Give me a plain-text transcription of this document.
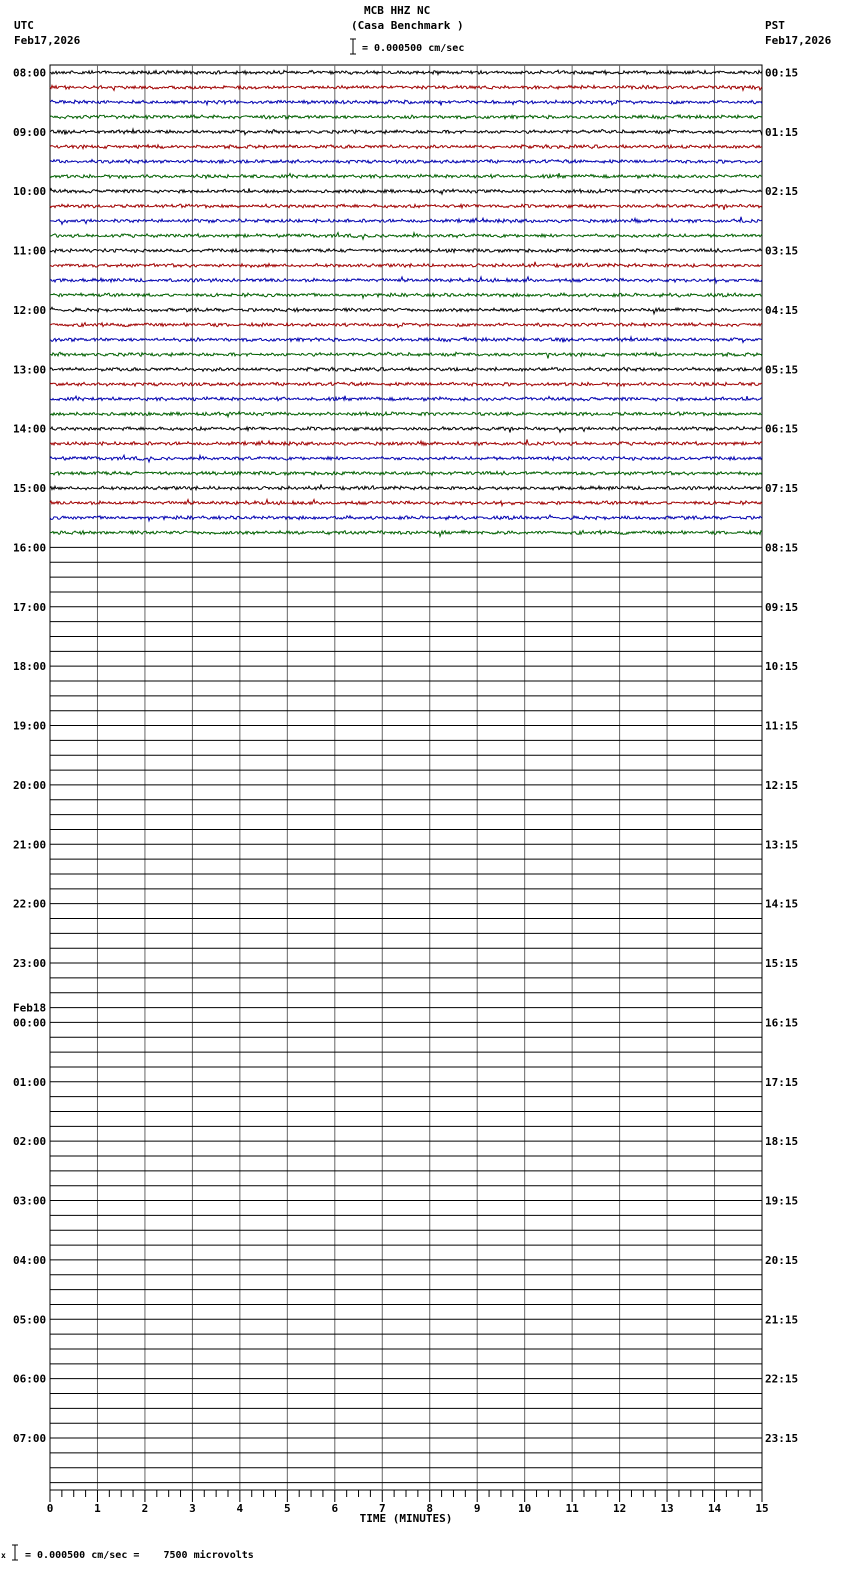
MCB HHZ NC
(Casa Benchmark )
UTC
Feb17,2026
PST
Feb17,2026
= 0.000500 cm/sec
08:00
09:00
10:00
11:00
12:00
13:00
14:00
15:00
16:00
17:00
18:00
19:00
20:00
21:00
22:00
23:00
00:00
Feb18
01:00
02:00
03:00
04:00
05:00
06:00
07:00
00:15
01:15
02:15
03:15
04:15
05:15
06:15
07:15
08:15
09:15
10:15
11:15
12:15
13:15
14:15
15:15
16:15
17:15
18:15
19:15
20:15
21:15
22:15
23:15
0	1	2	3	4	5	6	7	8	9	10	11	12	13	14	15
TIME (MINUTES)
x = 0.000500 cm/sec =    7500 microvolts
